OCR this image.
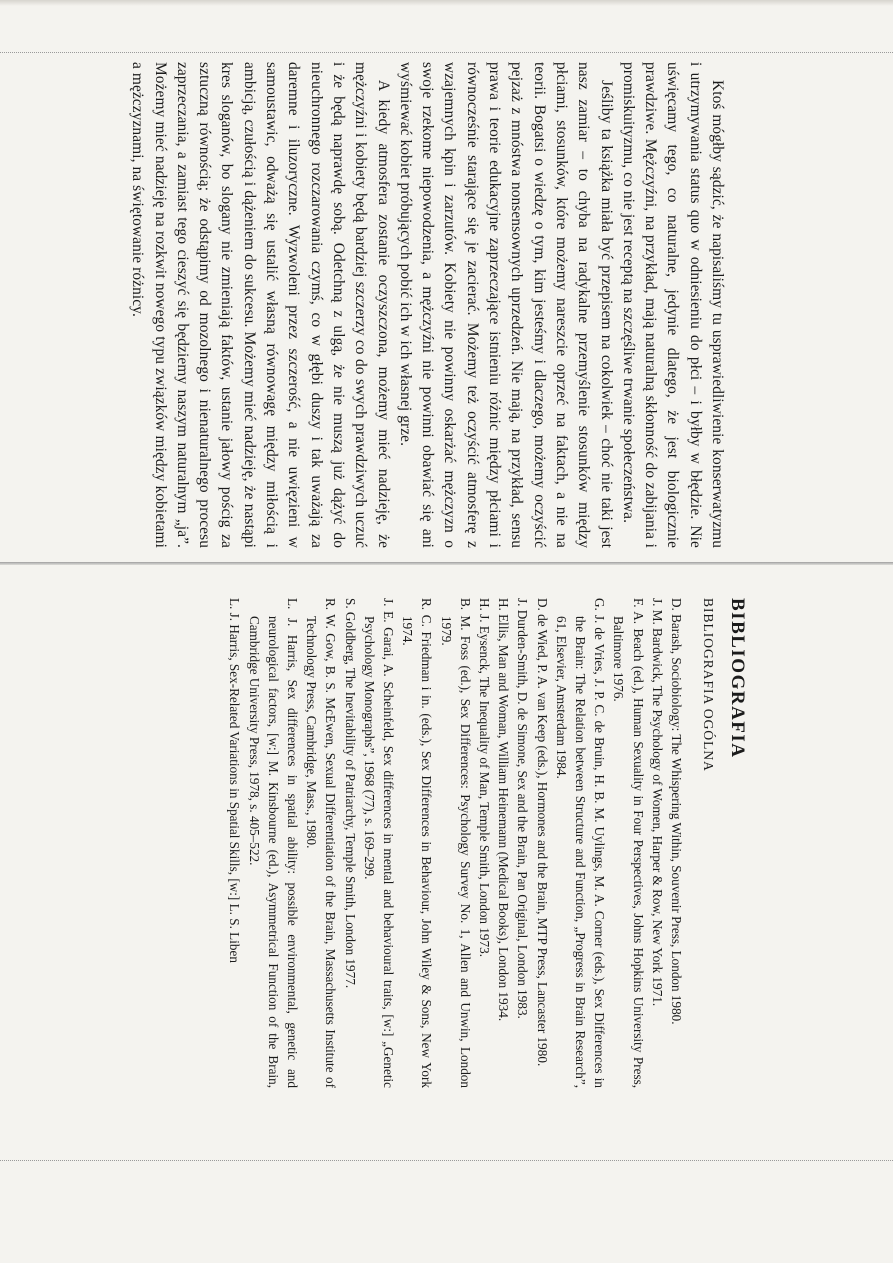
Ktoś mógłby sądzić, że napisaliśmy tu usprawiedliwienie konserwatyzmu i utrzymywania status quo w odniesieniu do płci – i byłby w błędzie. Nie uświęcamy tego, co naturalne, jedynie dlatego, że jest biologicznie prawdziwe. Mężczyźni, na przykład, mają naturalną skłonność do zabijania i promiskuityzmu, co nie jest receptą na szczęśliwe trwanie społeczeństwa.

Jeślibу ta książka miała być przepisem na cokolwiek – choć nie taki jest nasz zamiar – to chyba na radykalne przemyślenie stosunków między płciami, stosunków, które możemy nareszcie oprzeć na faktach, a nie na teorii. Bogatsi o wiedzę o tym, kim jesteśmy i dlaczego, możemy oczyścić pejzaż z mnóstwa nonsensownych uprzedzeń. Nie mają, na przykład, sensu prawa i teorie edukacyjne zaprzeczające istnieniu różnic między płciami i równocześnie starające się je zacierać. Możemy też oczyścić atmosferę z wzajemnych kpin i zarzutów. Kobiety nie powinny oskarżać mężczyzn o swoje rzekome niepowodzenia, a mężczyźni nie powinni obawiać się ani wyśmiewać kobiet próbujących pobić ich w ich własnej grze.

A kiedy atmosfera zostanie oczyszczona, możemy mieć nadzieję, że mężczyźni i kobiety będą bardziej szczerzy co do swych prawdziwych uczuć i że będą naprawdę sobą. Odetchną z ulgą, że nie muszą już dążyć do nieuchronnego rozczarowania czymś, co w głębi duszy i tak uważają za daremne i iluzoryczne. Wyzwoleni przez szczerość, a nie uwięzieni w samoustawic, odważą się ustalić własną równowagę między miłością i ambicją, czułością i dążeniem do sukcesu. Możemy mieć nadzieję, że nastąpi kres sloganów, bo slogany nie zmieniają faktów, ustanie jałowy pościg za sztuczną równością; że odstąpimy od mozolnego i nienaturalnego procesu zaprzeczania, a zamiast tego cieszyć się będziemy naszym naturalnym „ja”. Możemy mieć nadzieję na rozkwit nowego typu związków między kobietami a mężczyznami, na świętowanie różnicy.

BIBLIOGRAFIA
BIBLIOGRAFIA OGÓLNA
D. Barash, Sociobiology: The Whispering Within, Souvenir Press, London 1980.
J. M. Bardwick, The Psychology of Women, Harper & Row, New York 1971.
F. A. Beach (ed.), Human Sexuality in Four Perspectives, Johns Hopkins University Press, Baltimore 1976.
G. J. de Vries, J. P. C. de Bruin, H. B. M. Uylings, M. A. Corner (eds.), Sex Differences in the Brain: The Relation between Structure and Function, „Progress in Brain Research”, 61, Elsevier, Amsterdam 1984.
D. de Wied, P. A. van Keep (eds.), Hormones and the Brain, MTP Press, Lancaster 1980.
J. Durden-Smith, D. de Simone, Sex and the Brain, Pan Original, London 1983.
H. Ellis, Man and Woman, William Heinemann (Medical Books), London 1934.
H. J. Eysenck, The Inequality of Man, Temple Smith, London 1973.
B. M. Foss (ed.), Sex Differences: Psychology Survey No. 1, Allen and Unwin, London 1979.
R. C. Friedman i in. (eds.), Sex Differences in Behaviour, John Wiley & Sons, New York 1974.
J. E. Garai, A. Scheinfeld, Sex differences in mental and behavioural traits, [w:] „Genetic Psychology Monographs”, 1968 (77), s. 169–299.
S. Goldberg, The Inevitability of Patriarchy, Temple Smith, London 1977.
R. W. Gow, B. S. McEwen, Sexual Differentiation of the Brain, Massachusetts Institute of Technology Press, Cambridge, Mass., 1980.
L. J. Harris, Sex differences in spatial ability: possible environmental, genetic and neurological factors, [w:] M. Kinsbourne (ed.), Asymmetrical Function of the Brain, Cambridge University Press, 1978, s. 405–522.
L. J. Harris, Sex-Related Variations in Spatial Skills, [w:] L. S. Liben
